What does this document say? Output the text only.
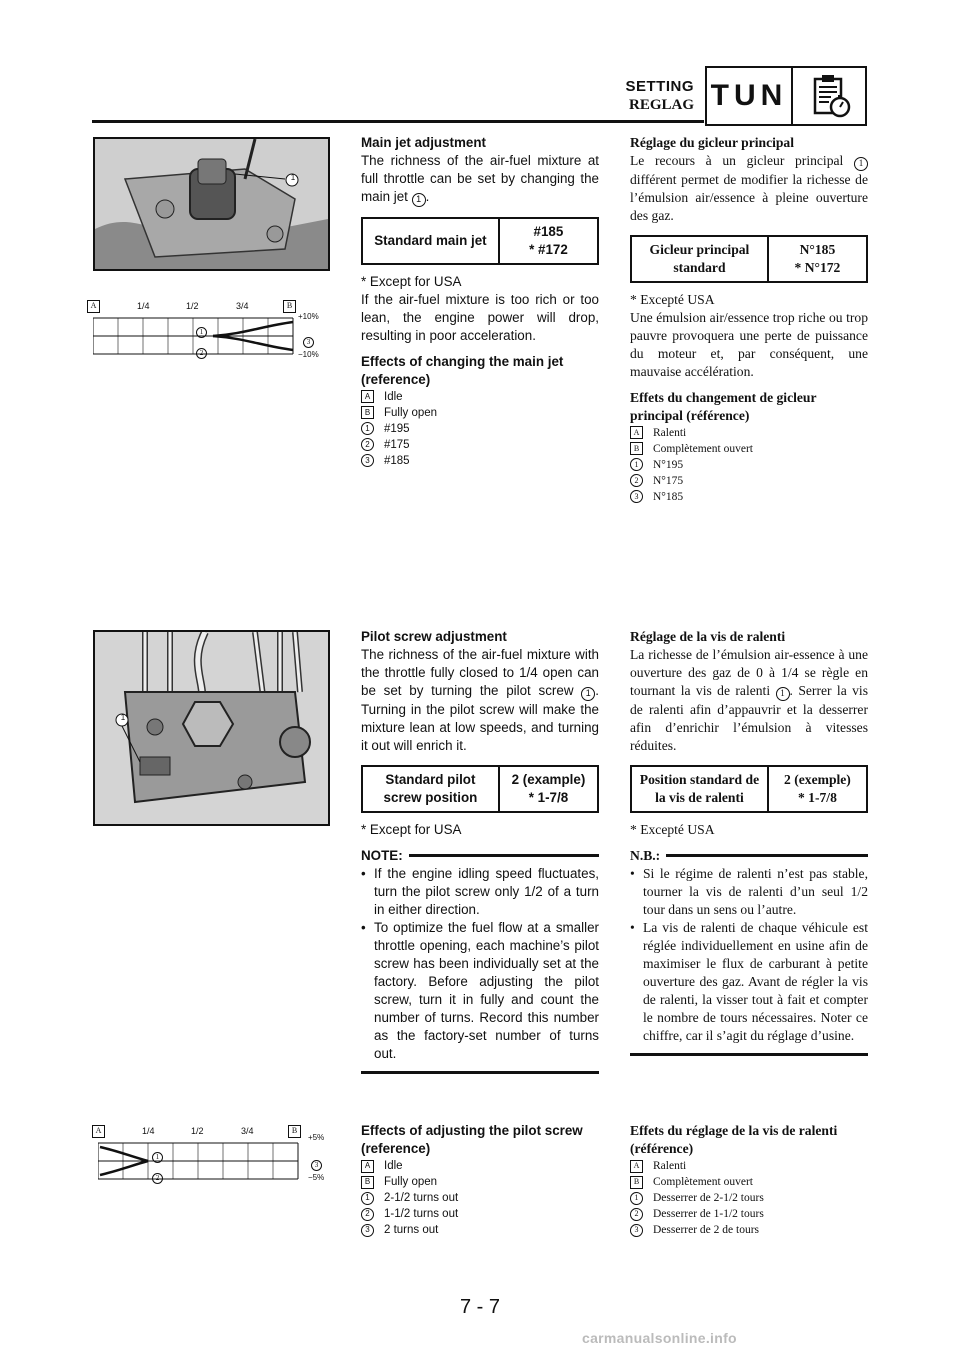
SETTING
REGLAG TUN
1
A	B
1/4	1/2	3/4
1
2
+10%
3
−10%

Main jet adjustment

The richness of the air-fuel mixture at full throttle can be set by changing the main jet 1 .

Standard main jet	
#185
* #172

* Except for USA

If the air-fuel mixture is too rich or too lean, the engine power will drop, resulting in poor acceleration.

Effects of changing the main jet (reference)

A	Idle
B	Fully open
1	#195
2	#175
3	#185

Réglage du gicleur principal

Le recours à un gicleur principal 1 différent permet de modifier la richesse de l’émulsion air/essence à pleine ouverture des gaz.

Gicleur principal
standard

N°185
* N°172

* Excepté USA

Une émulsion air/essence trop riche ou trop pauvre provoquera une perte de puissance du moteur et, par conséquent, une mauvaise accélération.

Effets du changement de gicleur principal (référence)

A	Ralenti
B	Complètement ouvert
1	N°195
2	N°175
3	N°185
1

Pilot screw adjustment

The richness of the air-fuel mixture with the throttle fully closed to 1/4 open can be set by turning the pilot screw 1 . Turning in the pilot screw will make the mixture lean at low speeds, and turning it out will enrich it.

Standard pilot
screw position

2 (example)
* 1-7/8

* Except for USA

NOTE:
• If the engine idling speed fluctuates, turn the pilot screw only 1/2 of a turn in either direction.
• To optimize the fuel flow at a smaller throttle opening, each machine’s pilot screw has been individually set at the factory. Before adjusting the pilot screw, turn it in fully and count the number of turns. Record this number as the factory-set number of turns out.

Réglage de la vis de ralenti

La richesse de l’émulsion air-essence à une ouverture des gaz de 0 à 1/4 se règle en tournant la vis de ralenti 1 . Serrer la vis de ralenti afin d’appauvrir et la desserrer afin d’enrichir l’émulsion à vitesses réduites.

Position standard de
la vis de ralenti

2 (exemple)
* 1-7/8

* Excepté USA

N.B.:
• Si le régime de ralenti n’est pas stable, tourner la vis de ralenti d’un seul 1/2 tour dans un sens ou l’autre.
• La vis de ralenti de chaque véhicule est réglée individuellement en usine afin de maximiser le flux de carburant à petite ouverture des gaz. Avant de régler la vis de ralenti, la visser tout à fait et compter le nombre de tours nécessaires. Noter ce chiffre, car il s’agit du réglage d’usine.
A	B
1/4	1/2	3/4
1
2
+5%
3
−5%

Effects of adjusting the pilot screw (reference)

A	Idle
B	Fully open
1	2-1/2 turns out
2	1-1/2 turns out
3	2 turns out

Effets du réglage de la vis de ralenti (référence)

A	Ralenti
B	Complètement ouvert
1	Desserrer de 2-1/2 tours
2	Desserrer de 1-1/2 tours
3	Desserrer de 2 de tours
7 - 7
carmanualsonline.info
